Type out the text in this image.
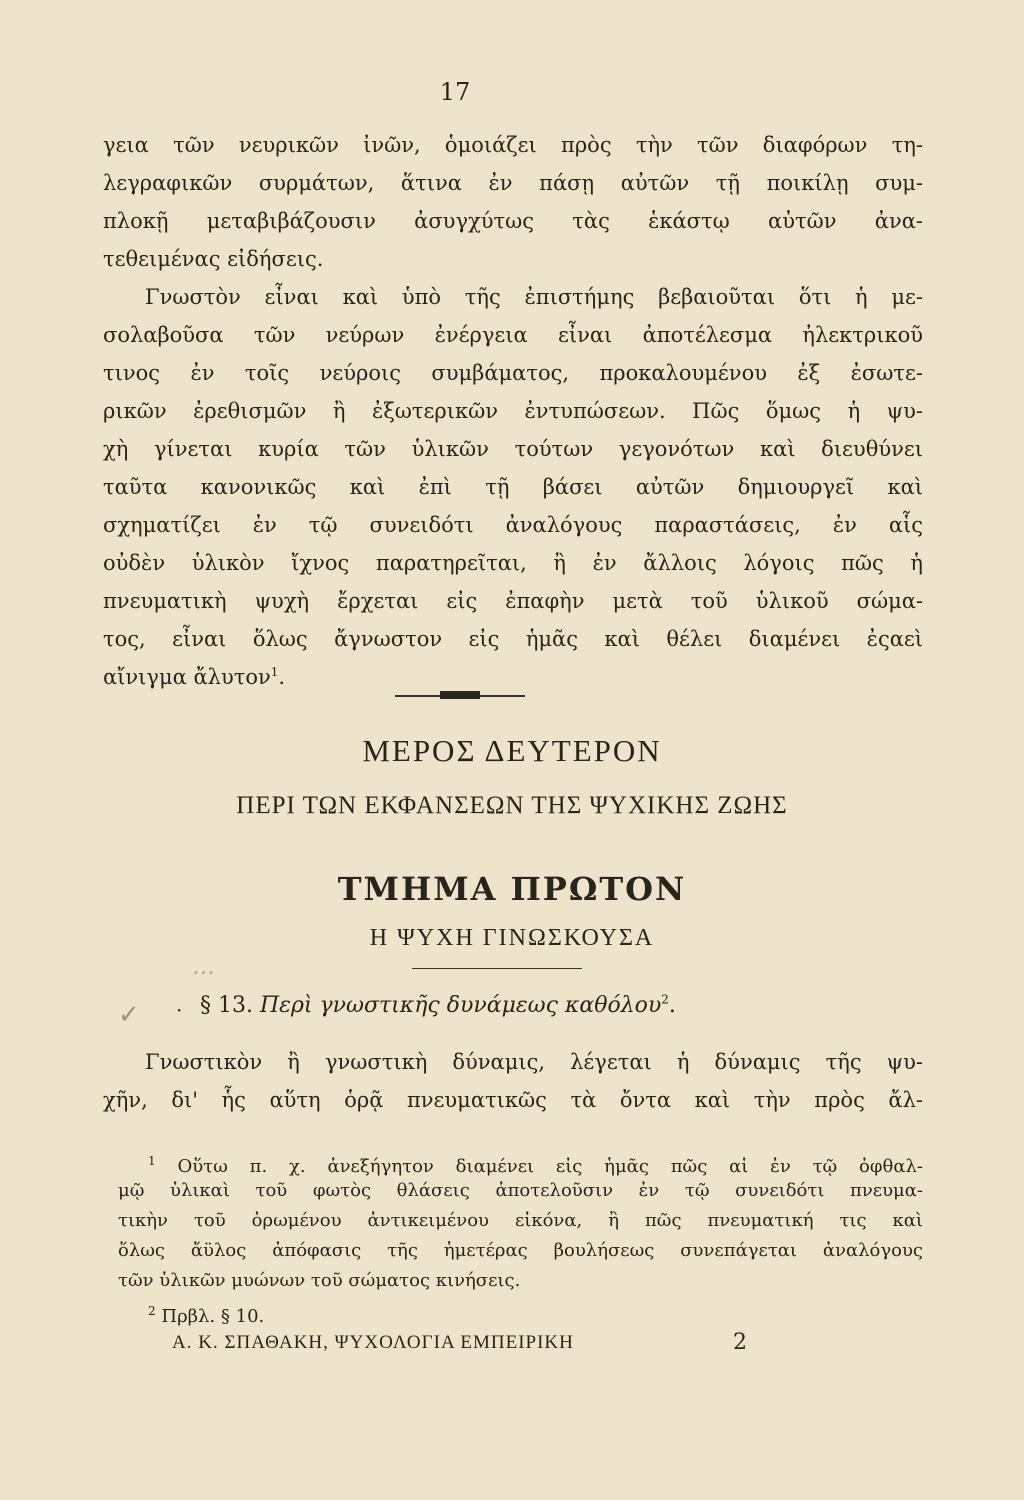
17
γεια τῶν νευρικῶν ἰνῶν, ὁμοιάζει πρὸς τὴν τῶν διαφόρων τη-
λεγραφικῶν συρμάτων, ἅτινα ἐν πάσῃ αὐτῶν τῇ ποικίλῃ συμ-
πλοκῇ μεταβιβάζουσιν ἀσυγχύτως τὰς ἑκάστῳ αὐτῶν ἀνα-
τεθειμένας εἰδήσεις.
Γνωστὸν εἶναι καὶ ὑπὸ τῆς ἐπιστήμης βεβαιοῦται ὅτι ἡ με-
σολαβοῦσα τῶν νεύρων ἐνέργεια εἶναι ἀποτέλεσμα ἠλεκτρικοῦ
τινος ἐν τοῖς νεύροις συμβάματος, προκαλουμένου ἐξ ἐσωτε-
ρικῶν ἐρεθισμῶν ἢ ἐξωτερικῶν ἐντυπώσεων. Πῶς ὅμως ἡ ψυ-
χὴ γίνεται κυρία τῶν ὑλικῶν τούτων γεγονότων καὶ διευθύνει
ταῦτα κανονικῶς καὶ ἐπὶ τῇ βάσει αὐτῶν δημιουργεῖ καὶ
σχηματίζει ἐν τῷ συνειδότι ἀναλόγους παραστάσεις, ἐν αἷς
οὐδὲν ὑλικὸν ἴχνος παρατηρεῖται, ἢ ἐν ἄλλοις λόγοις πῶς ἡ
πνευματικὴ ψυχὴ ἔρχεται εἰς ἐπαφὴν μετὰ τοῦ ὑλικοῦ σώμα-
τος, εἶναι ὅλως ἄγνωστον εἰς ἡμᾶς καὶ θέλει διαμένει ἐςαεὶ
αἴνιγμα ἄλυτον$^1$.
ΜΕΡΟΣ ΔΕΥΤΕΡΟΝ
ΠΕΡΙ ΤΩΝ ΕΚΦΑΝΣΕΩΝ ΤΗΣ ΨΥΧΙΚΗΣ ΖΩΗΣ
ΤΜΗΜΑ ΠΡΩΤΟΝ
Η ΨΥΧΗ ΓΙΝΩΣΚΟΥΣΑ
...
✓ · § 13. Περὶ γνωστικῆς δυνάμεως καθόλου$^2$.
Γνωστικὸν ἢ γνωστικὴ δύναμις, λέγεται ἡ δύναμις τῆς ψυ-
χῆν, δι' ἧς αὕτη ὁρᾷ πνευματικῶς τὰ ὄντα καὶ τὴν πρὸς ἄλ-
$^1$ Οὕτω π. χ. ἀνεξήγητον διαμένει εἰς ἡμᾶς πῶς αἱ ἐν τῷ ὀφθαλ-
μῷ ὑλικαὶ τοῦ φωτὸς θλάσεις ἀποτελοῦσιν ἐν τῷ συνειδότι πνευμα-
τικὴν τοῦ ὁρωμένου ἀντικειμένου εἰκόνα, ἢ πῶς πνευματική τις καὶ
ὅλως ἄϋλος ἀπόφασις τῆς ἡμετέρας βουλήσεως συνεπάγεται ἀναλόγους
τῶν ὑλικῶν μυώνων τοῦ σώματος κινήσεις.
$^2$ Πρβλ. § 10.
Α. Κ. ΣΠΑΘΑΚΗ, ΨΥΧΟΛΟΓΙΑ ΕΜΠΕΙΡΙΚΗ	2
